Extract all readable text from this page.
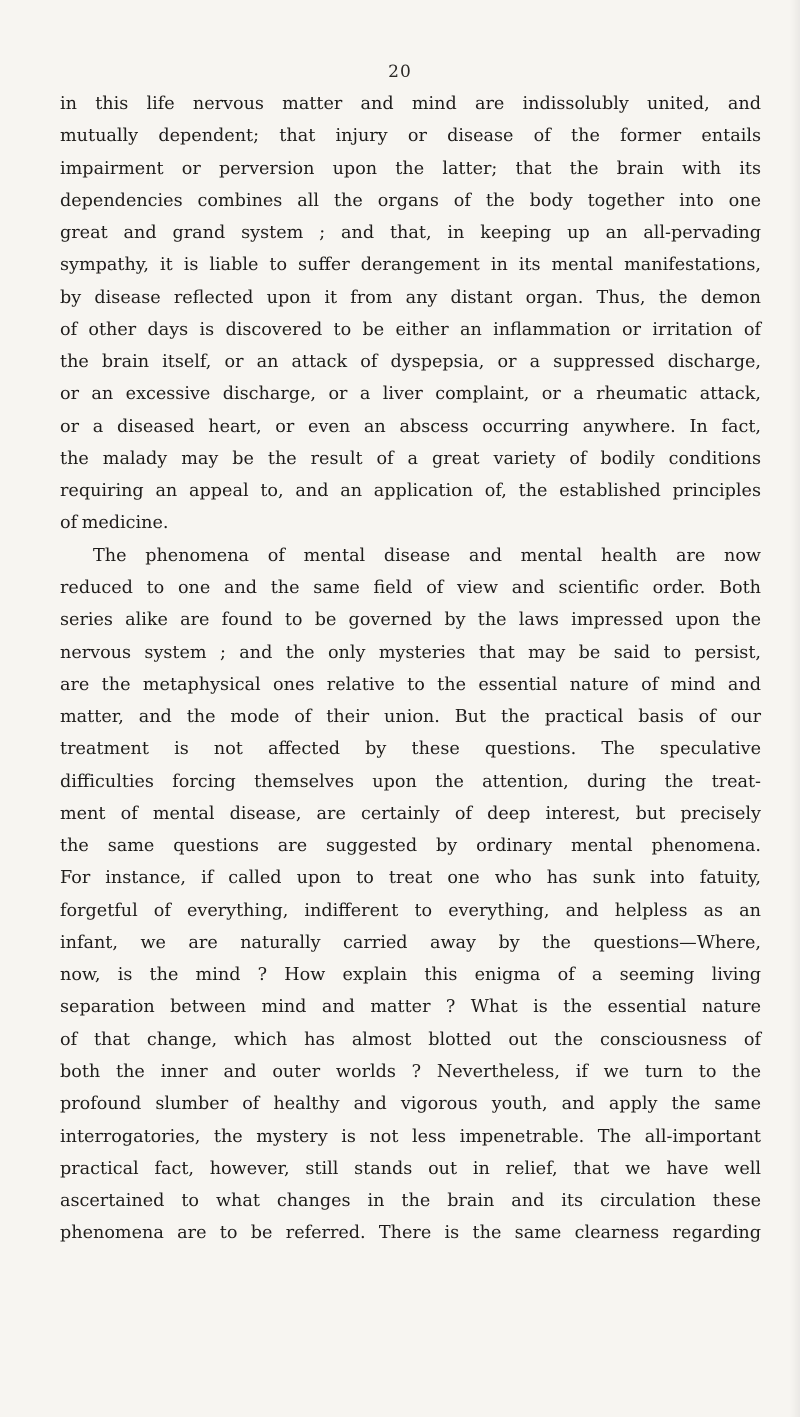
20
in this life nervous matter and mind are indissolubly united, and
mutually dependent; that injury or disease of the former entails
impairment or perversion upon the latter; that the brain with its
dependencies combines all the organs of the body together into one
great and grand system ; and that, in keeping up an all-pervading
sympathy, it is liable to suffer derangement in its mental manifestations,
by disease reflected upon it from any distant organ. Thus, the demon
of other days is discovered to be either an inflammation or irritation of
the brain itself, or an attack of dyspepsia, or a suppressed discharge,
or an excessive discharge, or a liver complaint, or a rheumatic attack,
or a diseased heart, or even an abscess occurring anywhere. In fact,
the malady may be the result of a great variety of bodily conditions
requiring an appeal to, and an application of, the established principles
of medicine.
The phenomena of mental disease and mental health are now
reduced to one and the same field of view and scientific order. Both
series alike are found to be governed by the laws impressed upon the
nervous system ; and the only mysteries that may be said to persist,
are the metaphysical ones relative to the essential nature of mind and
matter, and the mode of their union. But the practical basis of our
treatment is not affected by these questions. The speculative
difficulties forcing themselves upon the attention, during the treat-
ment of mental disease, are certainly of deep interest, but precisely
the same questions are suggested by ordinary mental phenomena.
For instance, if called upon to treat one who has sunk into fatuity,
forgetful of everything, indifferent to everything, and helpless as an
infant, we are naturally carried away by the questions—Where,
now, is the mind ? How explain this enigma of a seeming living
separation between mind and matter ? What is the essential nature
of that change, which has almost blotted out the consciousness of
both the inner and outer worlds ? Nevertheless, if we turn to the
profound slumber of healthy and vigorous youth, and apply the same
interrogatories, the mystery is not less impenetrable. The all-important
practical fact, however, still stands out in relief, that we have well
ascertained to what changes in the brain and its circulation these
phenomena are to be referred. There is the same clearness regarding
